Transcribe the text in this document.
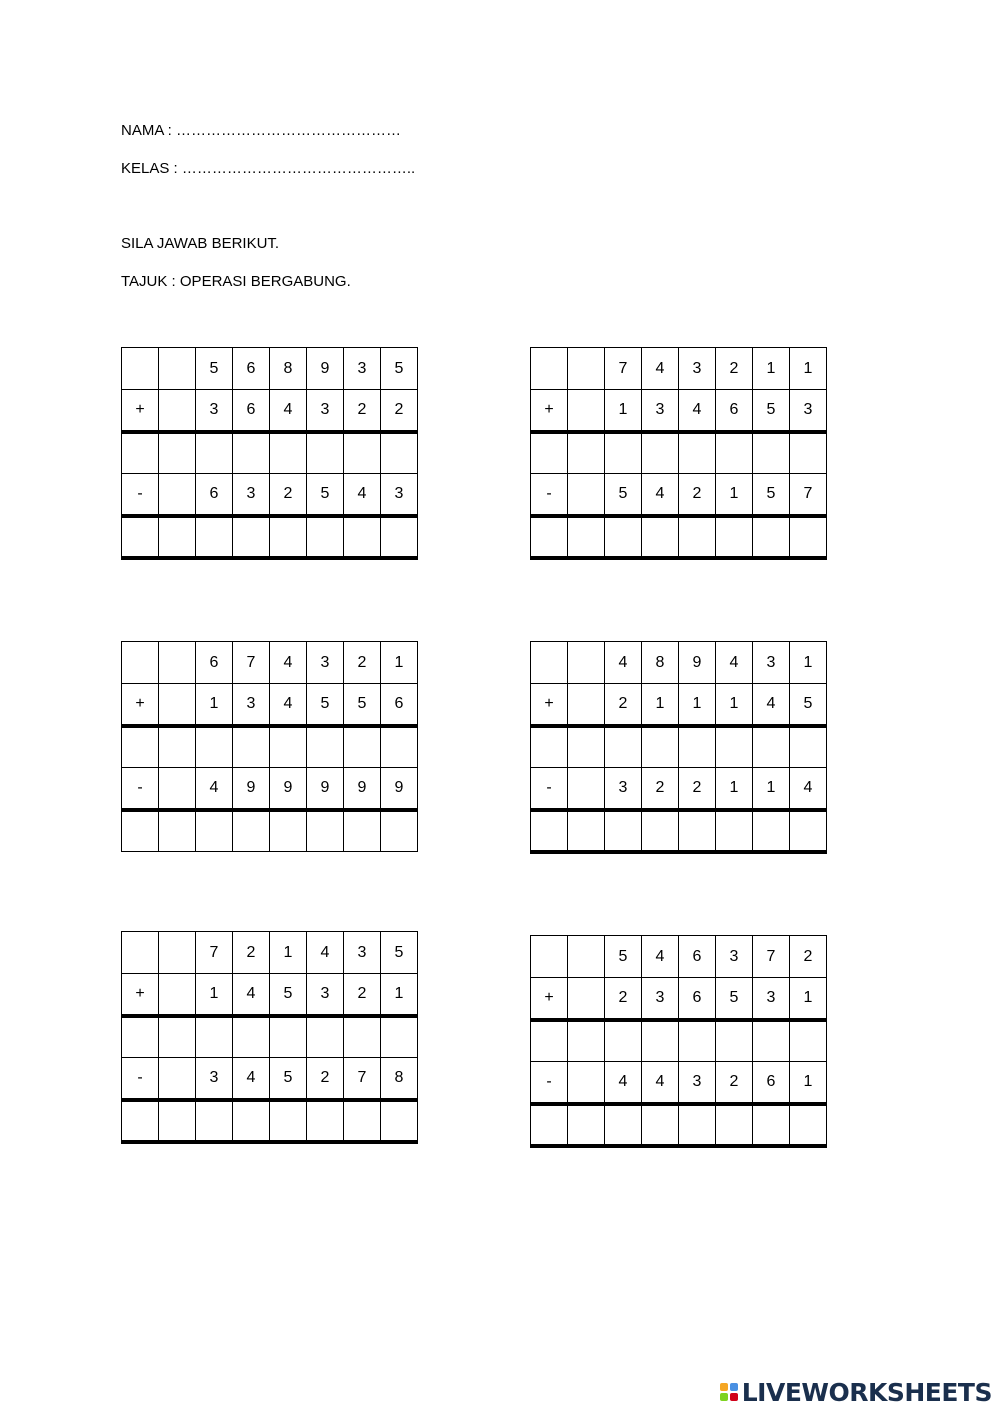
NAMA : ………………………………………

KELAS : ………………………………………..

SILA JAWAB BERIKUT.

TAJUK : OPERASI BERGABUNG.

		5	6	8	9	3	5
+		3	6	4	3	2	2

-		6	3	2	5	4	3

		7	4	3	2	1	1
+		1	3	4	6	5	3

-		5	4	2	1	5	7

		6	7	4	3	2	1
+		1	3	4	5	5	6

-		4	9	9	9	9	9

		4	8	9	4	3	1
+		2	1	1	1	4	5

-		3	2	2	1	1	4

		7	2	1	4	3	5
+		1	4	5	3	2	1

-		3	4	5	2	7	8

		5	4	6	3	7	2
+		2	3	6	5	3	1

-		4	4	3	2	6	1

LIVEWORKSHEETS
